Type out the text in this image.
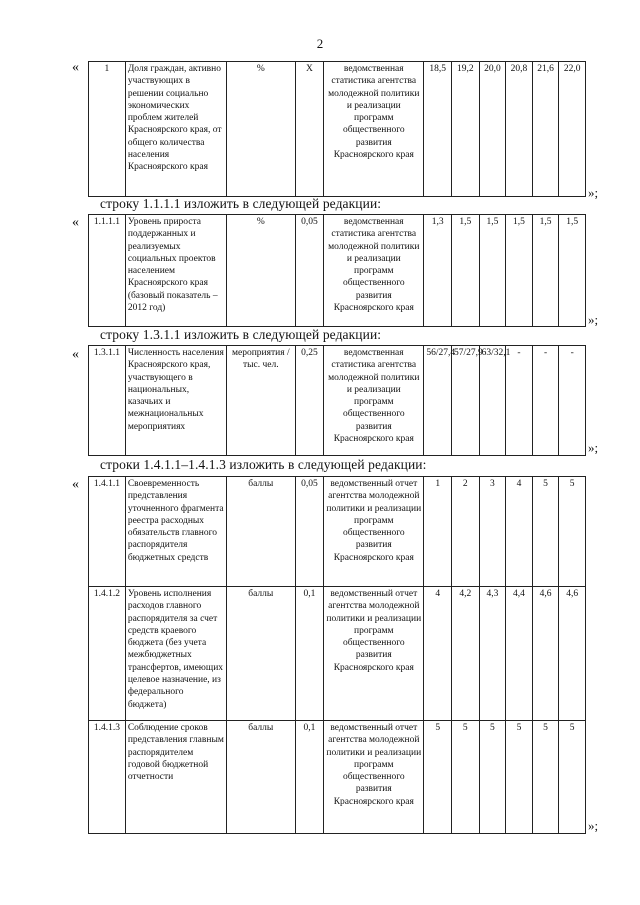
2
«	1	Доля граждан, активно участвующих в решении социально экономических проблем жителей Красноярского края, от общего количества населения Красноярского края	%	Х	ведомственная статистика агентства молодежной политики и реализации программ общественного развития Красноярского края	18,5	19,2	20,0	20,8	21,6	22,0
»;
строку 1.1.1.1 изложить в следующей редакции:
« 1.1.1.1	Уровень прироста поддержанных и реализуемых социальных проектов населением Красноярского края (базовый показатель – 2012 год)	%	0,05	ведомственная статистика агентства молодежной политики и реализации программ общественного развития Красноярского края	1,3	1,5	1,5	1,5	1,5	1,5
»;
строку 1.3.1.1 изложить в следующей редакции:
« 1.3.1.1	Численность населения Красноярского края, участвующего в национальных, казачьих и межнациональных мероприятиях	мероприятия / тыс. чел.	0,25	ведомственная статистика агентства молодежной политики и реализации программ общественного развития Красноярского края	56/27,4	57/27,9	63/32,1	-	-	-
»;
строки 1.4.1.1–1.4.1.3 изложить в следующей редакции:
« 1.4.1.1	Своевременность представления уточненного фрагмента реестра расходных обязательств главного распорядителя бюджетных средств	баллы	0,05	ведомственный отчет агентства молодежной политики и реализации программ общественного развития Красноярского края	1	2	3	4	5	5
1.4.1.2	Уровень исполнения расходов главного распорядителя за счет средств краевого бюджета (без учета межбюджетных трансфертов, имеющих целевое назначение, из федерального бюджета)	баллы	0,1	ведомственный отчет агентства молодежной политики и реализации программ общественного развития Красноярского края	4	4,2	4,3	4,4	4,6	4,6
1.4.1.3	Соблюдение сроков представления главным распорядителем годовой бюджетной отчетности	баллы	0,1	ведомственный отчет агентства молодежной политики и реализации программ общественного развития Красноярского края	5	5	5	5	5	5
»;
